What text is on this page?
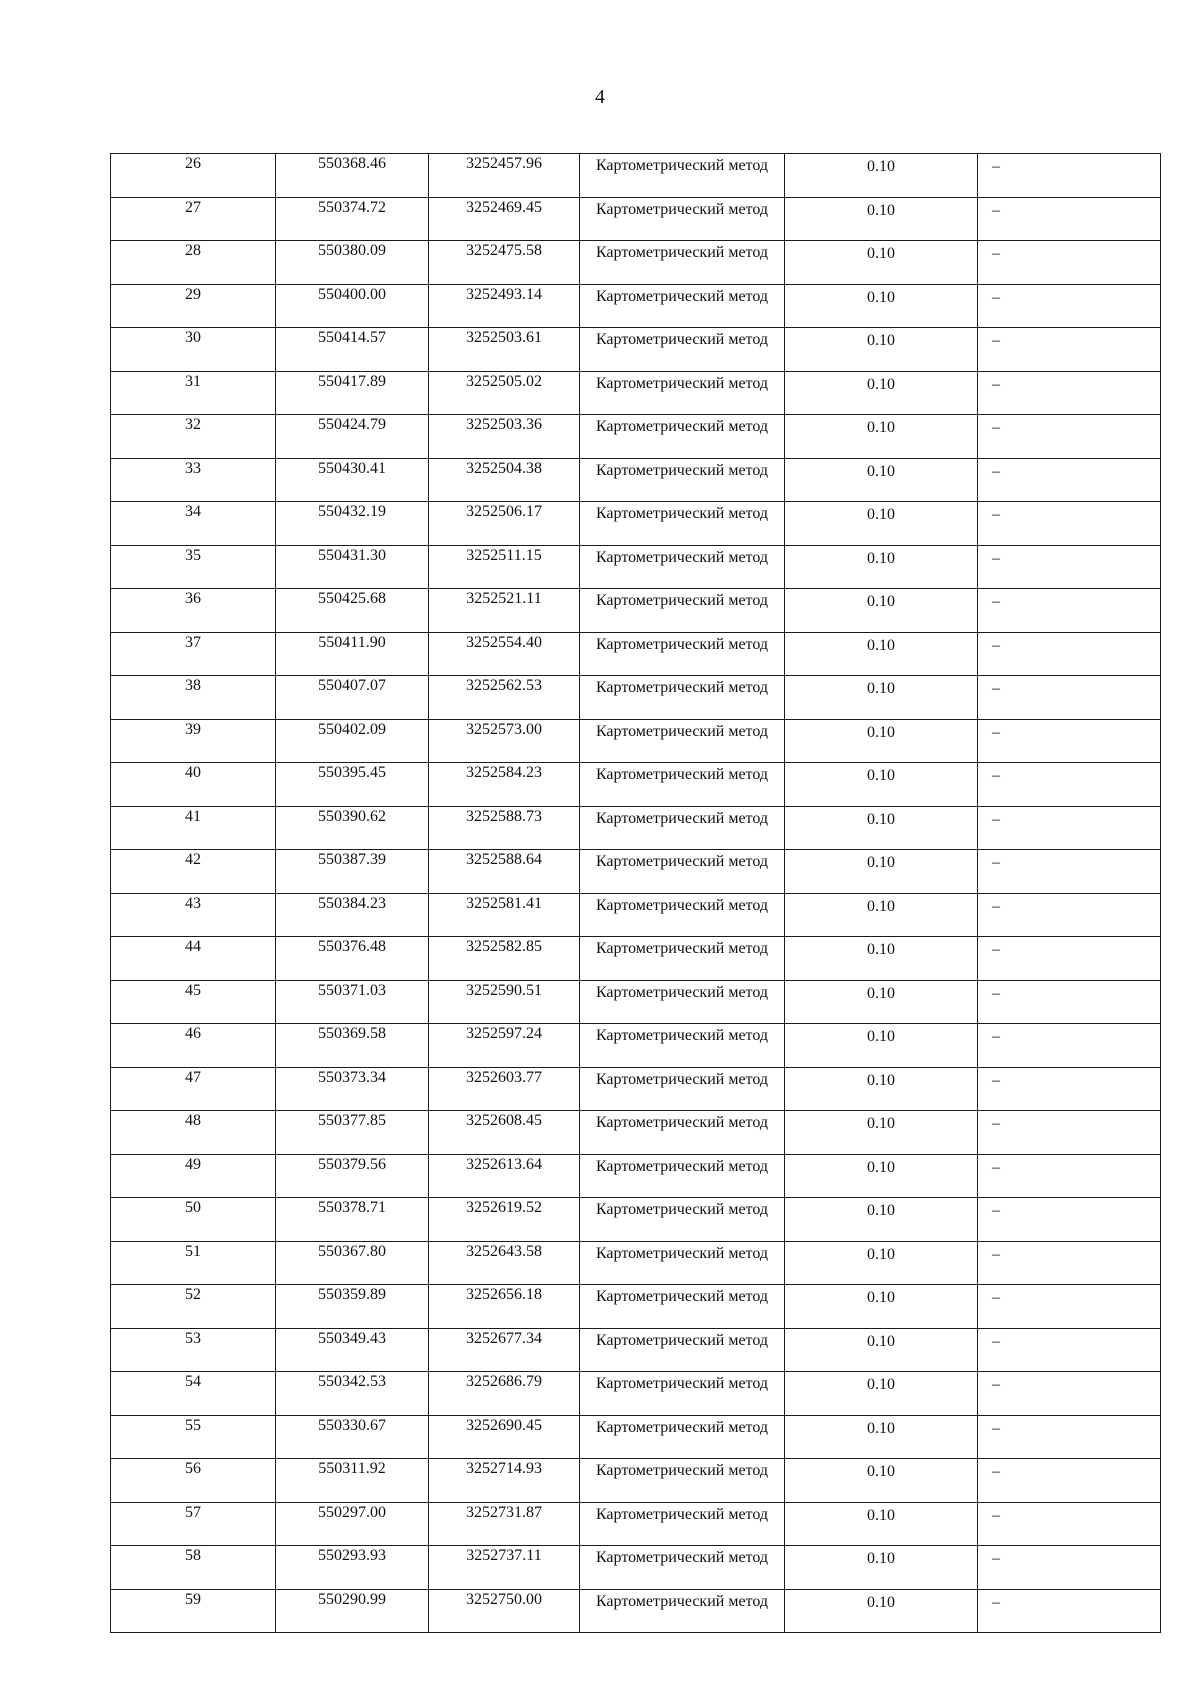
4
26	550368.46	3252457.96	Картометрический метод	0.10	–
27	550374.72	3252469.45	Картометрический метод	0.10	–
28	550380.09	3252475.58	Картометрический метод	0.10	–
29	550400.00	3252493.14	Картометрический метод	0.10	–
30	550414.57	3252503.61	Картометрический метод	0.10	–
31	550417.89	3252505.02	Картометрический метод	0.10	–
32	550424.79	3252503.36	Картометрический метод	0.10	–
33	550430.41	3252504.38	Картометрический метод	0.10	–
34	550432.19	3252506.17	Картометрический метод	0.10	–
35	550431.30	3252511.15	Картометрический метод	0.10	–
36	550425.68	3252521.11	Картометрический метод	0.10	–
37	550411.90	3252554.40	Картометрический метод	0.10	–
38	550407.07	3252562.53	Картометрический метод	0.10	–
39	550402.09	3252573.00	Картометрический метод	0.10	–
40	550395.45	3252584.23	Картометрический метод	0.10	–
41	550390.62	3252588.73	Картометрический метод	0.10	–
42	550387.39	3252588.64	Картометрический метод	0.10	–
43	550384.23	3252581.41	Картометрический метод	0.10	–
44	550376.48	3252582.85	Картометрический метод	0.10	–
45	550371.03	3252590.51	Картометрический метод	0.10	–
46	550369.58	3252597.24	Картометрический метод	0.10	–
47	550373.34	3252603.77	Картометрический метод	0.10	–
48	550377.85	3252608.45	Картометрический метод	0.10	–
49	550379.56	3252613.64	Картометрический метод	0.10	–
50	550378.71	3252619.52	Картометрический метод	0.10	–
51	550367.80	3252643.58	Картометрический метод	0.10	–
52	550359.89	3252656.18	Картометрический метод	0.10	–
53	550349.43	3252677.34	Картометрический метод	0.10	–
54	550342.53	3252686.79	Картометрический метод	0.10	–
55	550330.67	3252690.45	Картометрический метод	0.10	–
56	550311.92	3252714.93	Картометрический метод	0.10	–
57	550297.00	3252731.87	Картометрический метод	0.10	–
58	550293.93	3252737.11	Картометрический метод	0.10	–
59	550290.99	3252750.00	Картометрический метод	0.10	–
